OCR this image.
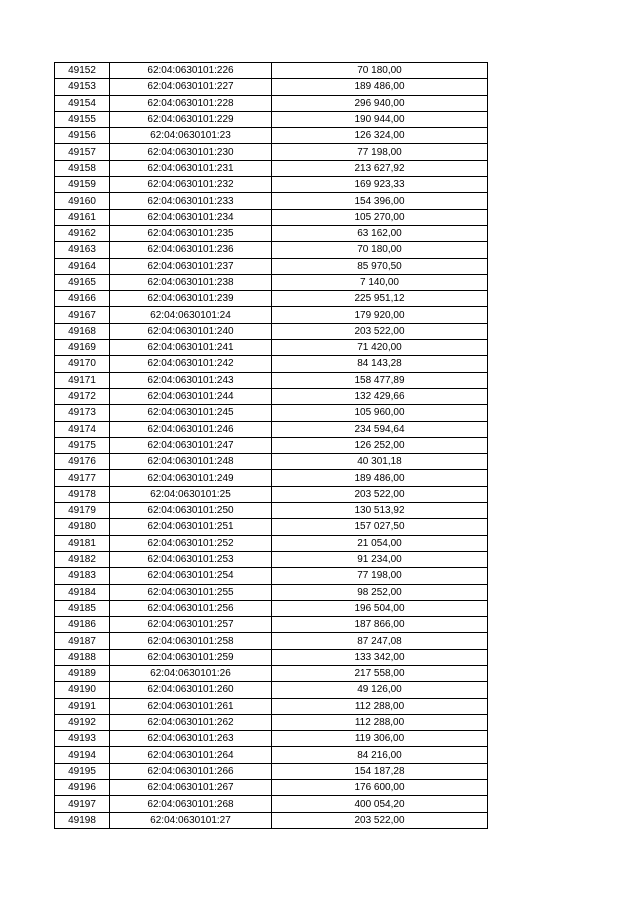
49152	62:04:0630101:226	70 180,00
49153	62:04:0630101:227	189 486,00
49154	62:04:0630101:228	296 940,00
49155	62:04:0630101:229	190 944,00
49156	62:04:0630101:23	126 324,00
49157	62:04:0630101:230	77 198,00
49158	62:04:0630101:231	213 627,92
49159	62:04:0630101:232	169 923,33
49160	62:04:0630101:233	154 396,00
49161	62:04:0630101:234	105 270,00
49162	62:04:0630101:235	63 162,00
49163	62:04:0630101:236	70 180,00
49164	62:04:0630101:237	85 970,50
49165	62:04:0630101:238	7 140,00
49166	62:04:0630101:239	225 951,12
49167	62:04:0630101:24	179 920,00
49168	62:04:0630101:240	203 522,00
49169	62:04:0630101:241	71 420,00
49170	62:04:0630101:242	84 143,28
49171	62:04:0630101:243	158 477,89
49172	62:04:0630101:244	132 429,66
49173	62:04:0630101:245	105 960,00
49174	62:04:0630101:246	234 594,64
49175	62:04:0630101:247	126 252,00
49176	62:04:0630101:248	40 301,18
49177	62:04:0630101:249	189 486,00
49178	62:04:0630101:25	203 522,00
49179	62:04:0630101:250	130 513,92
49180	62:04:0630101:251	157 027,50
49181	62:04:0630101:252	21 054,00
49182	62:04:0630101:253	91 234,00
49183	62:04:0630101:254	77 198,00
49184	62:04:0630101:255	98 252,00
49185	62:04:0630101:256	196 504,00
49186	62:04:0630101:257	187 866,00
49187	62:04:0630101:258	87 247,08
49188	62:04:0630101:259	133 342,00
49189	62:04:0630101:26	217 558,00
49190	62:04:0630101:260	49 126,00
49191	62:04:0630101:261	112 288,00
49192	62:04:0630101:262	112 288,00
49193	62:04:0630101:263	119 306,00
49194	62:04:0630101:264	84 216,00
49195	62:04:0630101:266	154 187,28
49196	62:04:0630101:267	176 600,00
49197	62:04:0630101:268	400 054,20
49198	62:04:0630101:27	203 522,00
